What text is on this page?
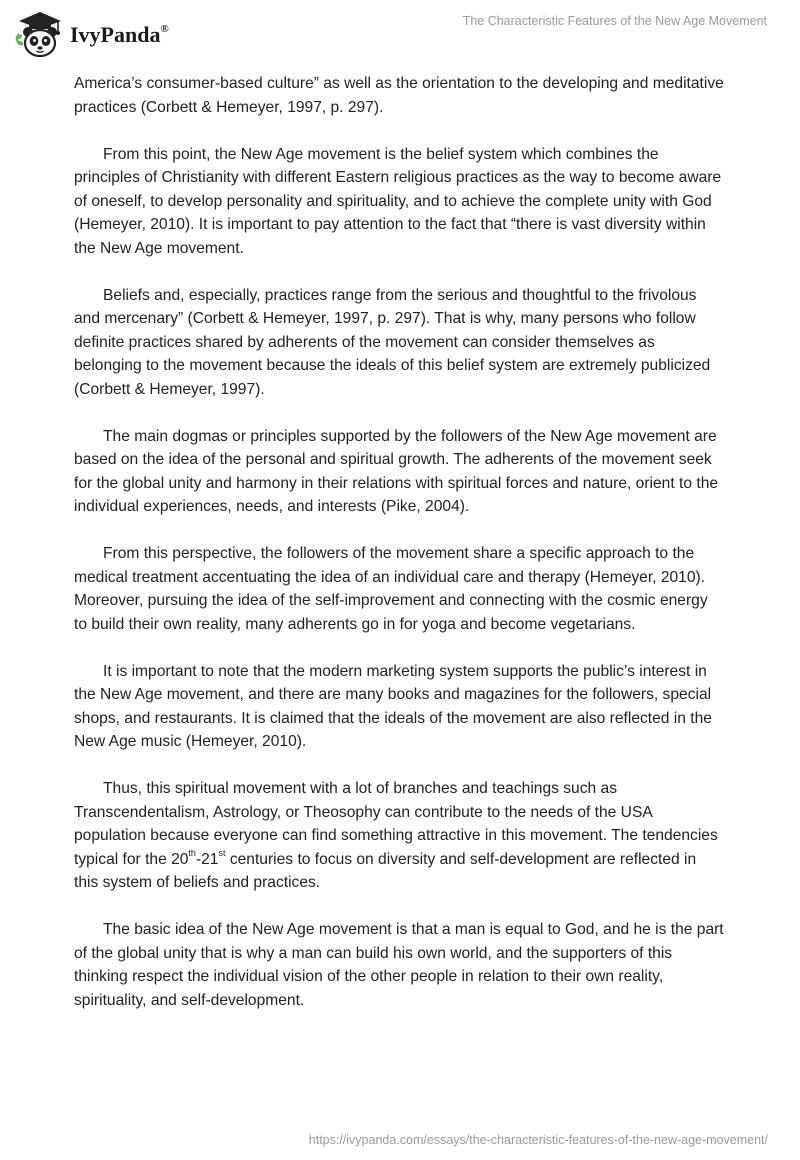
IvyPanda®
The Characteristic Features of the New Age Movement

America’s consumer-based culture” as well as the orientation to the developing and meditative practices (Corbett & Hemeyer, 1997, p. 297).

From this point, the New Age movement is the belief system which combines the principles of Christianity with different Eastern religious practices as the way to become aware of oneself, to develop personality and spirituality, and to achieve the complete unity with God (Hemeyer, 2010). It is important to pay attention to the fact that “there is vast diversity within the New Age movement.

Beliefs and, especially, practices range from the serious and thoughtful to the frivolous and mercenary” (Corbett & Hemeyer, 1997, p. 297). That is why, many persons who follow definite practices shared by adherents of the movement can consider themselves as belonging to the movement because the ideals of this belief system are extremely publicized (Corbett & Hemeyer, 1997).

The main dogmas or principles supported by the followers of the New Age movement are based on the idea of the personal and spiritual growth. The adherents of the movement seek for the global unity and harmony in their relations with spiritual forces and nature, orient to the individual experiences, needs, and interests (Pike, 2004).

From this perspective, the followers of the movement share a specific approach to the medical treatment accentuating the idea of an individual care and therapy (Hemeyer, 2010). Moreover, pursuing the idea of the self-improvement and connecting with the cosmic energy to build their own reality, many adherents go in for yoga and become vegetarians.

It is important to note that the modern marketing system supports the public’s interest in the New Age movement, and there are many books and magazines for the followers, special shops, and restaurants. It is claimed that the ideals of the movement are also reflected in the New Age music (Hemeyer, 2010).

Thus, this spiritual movement with a lot of branches and teachings such as Transcendentalism, Astrology, or Theosophy can contribute to the needs of the USA population because everyone can find something attractive in this movement. The tendencies typical for the 20th-21st centuries to focus on diversity and self-development are reflected in this system of beliefs and practices.

The basic idea of the New Age movement is that a man is equal to God, and he is the part of the global unity that is why a man can build his own world, and the supporters of this thinking respect the individual vision of the other people in relation to their own reality, spirituality, and self-development.

https://ivypanda.com/essays/the-characteristic-features-of-the-new-age-movement/
